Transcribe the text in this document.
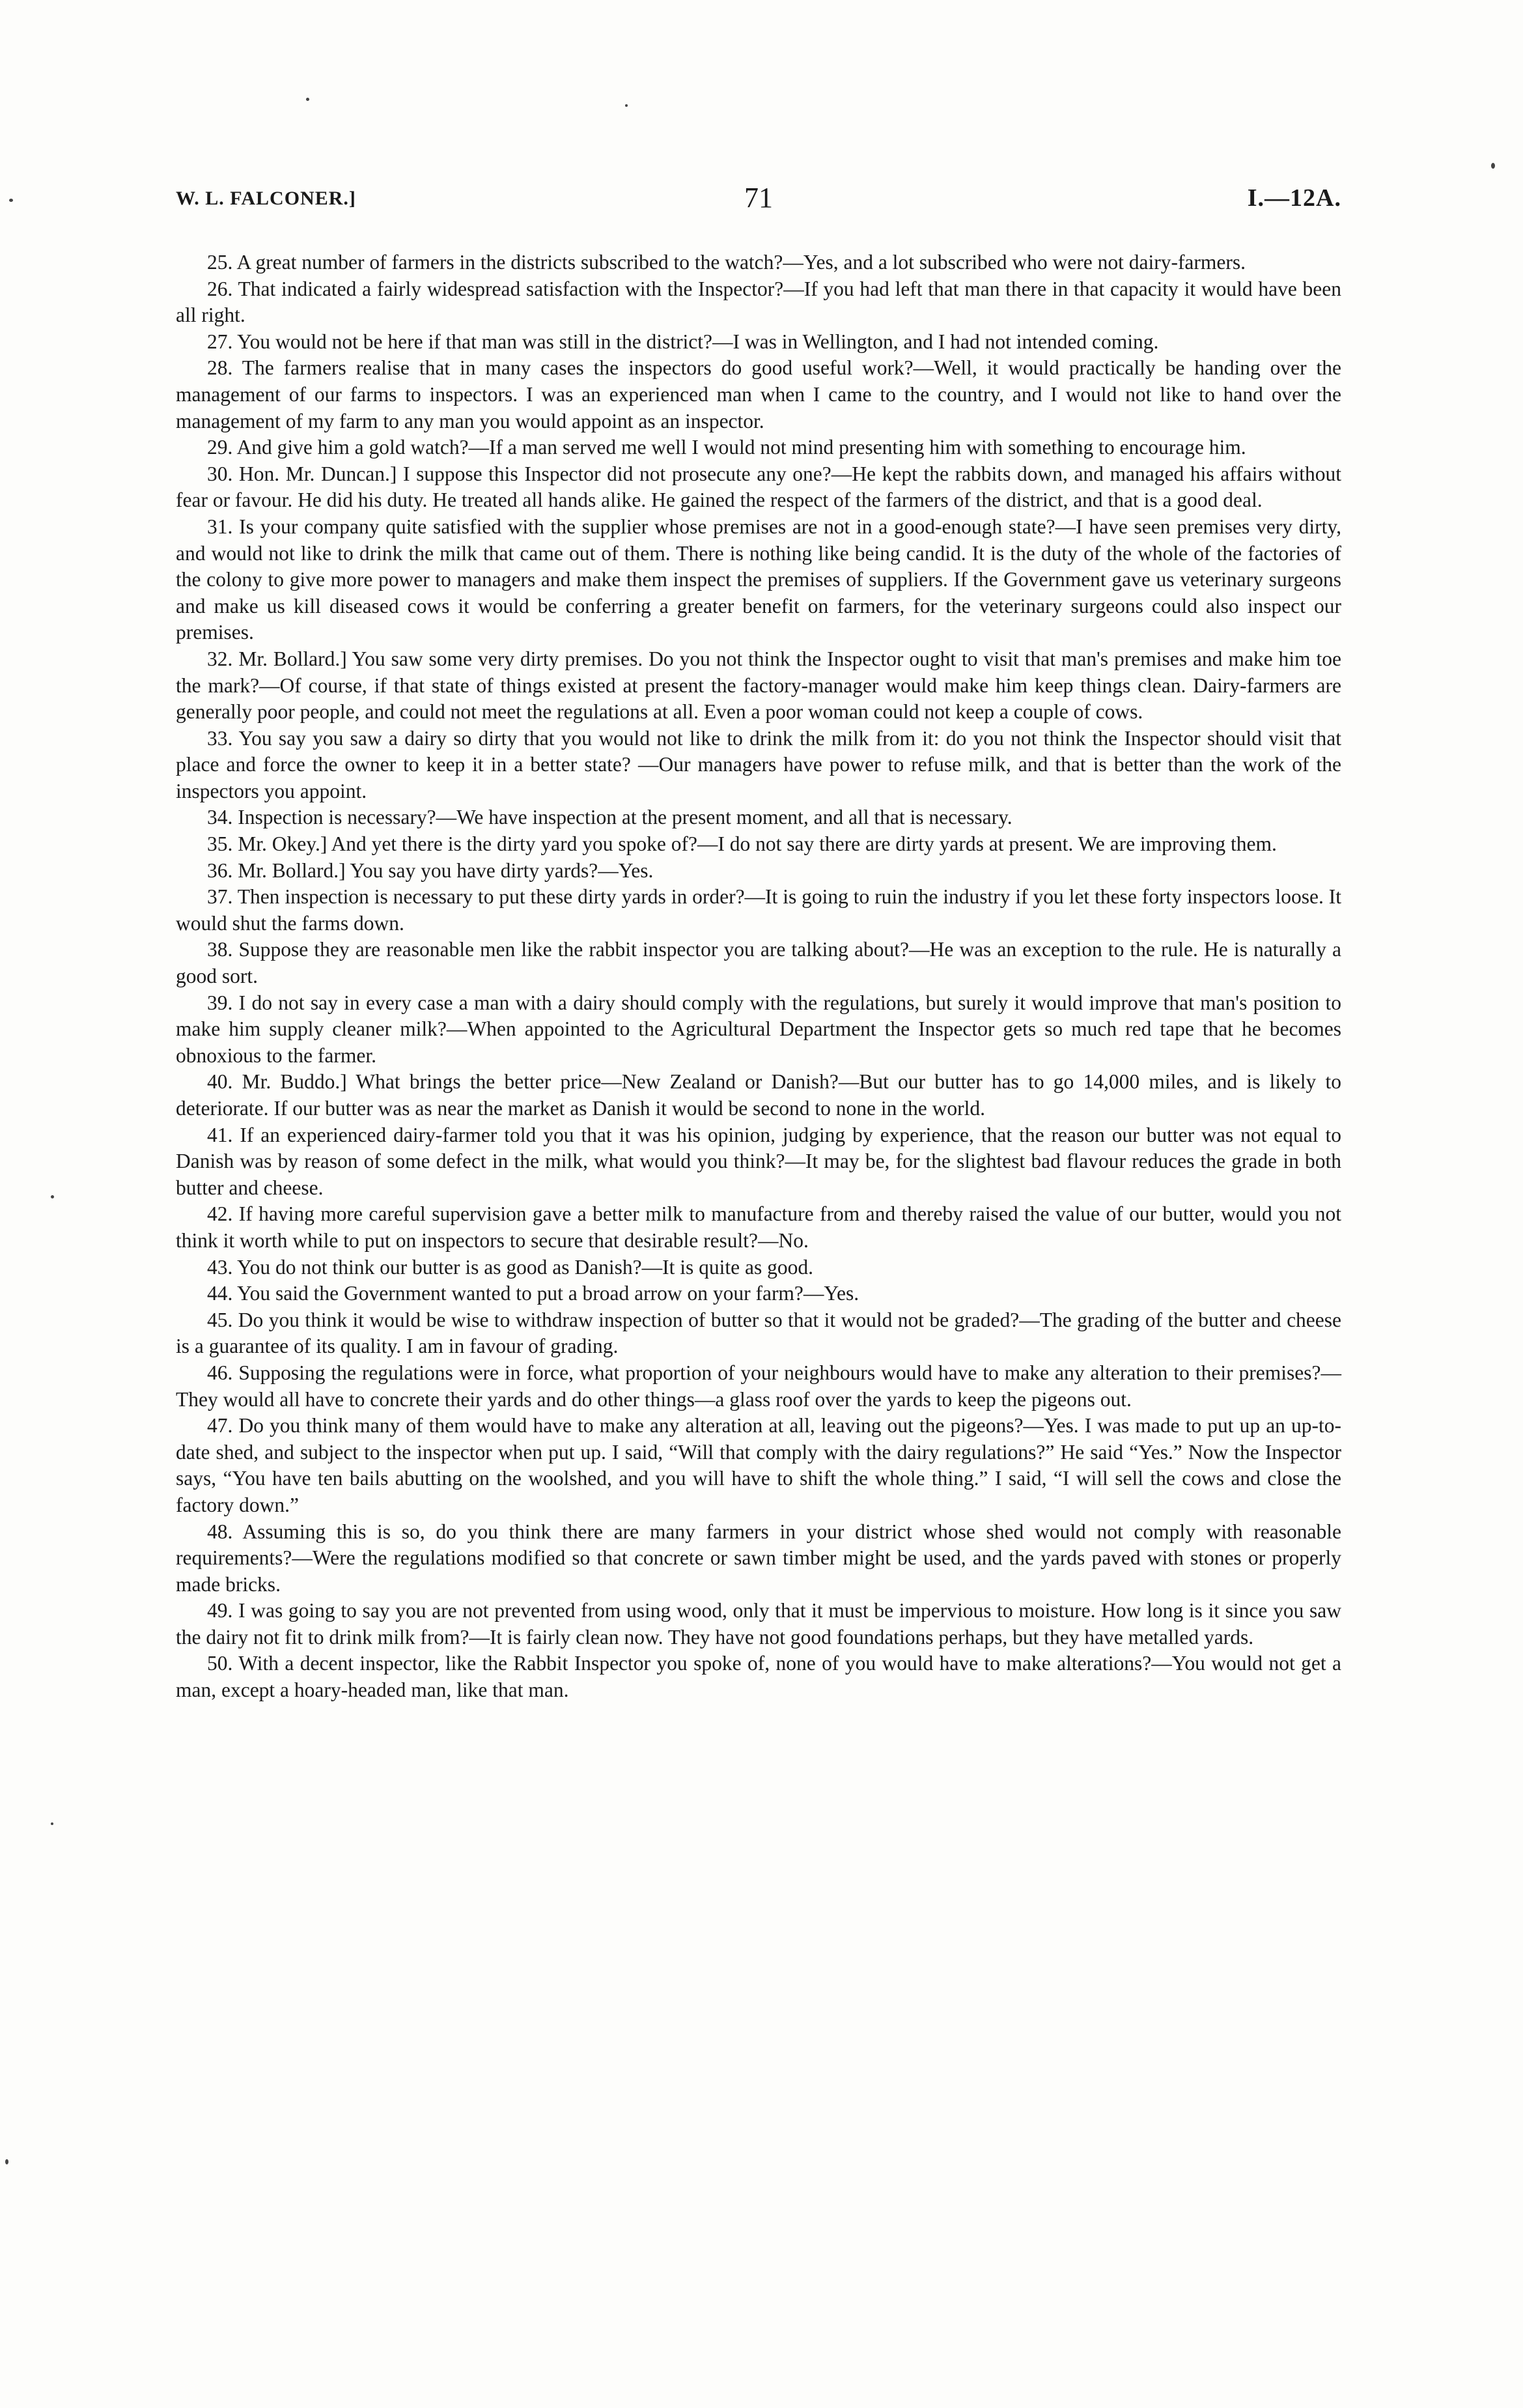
W. L. FALCONER.]	71	I.—12A.

25. A great number of farmers in the districts subscribed to the watch?—Yes, and a lot subscribed who were not dairy-farmers.

26. That indicated a fairly widespread satisfaction with the Inspector?—If you had left that man there in that capacity it would have been all right.

27. You would not be here if that man was still in the district?—I was in Wellington, and I had not intended coming.

28. The farmers realise that in many cases the inspectors do good useful work?—Well, it would practically be handing over the management of our farms to inspectors. I was an experienced man when I came to the country, and I would not like to hand over the management of my farm to any man you would appoint as an inspector.

29. And give him a gold watch?—If a man served me well I would not mind presenting him with something to encourage him.

30. Hon. Mr. Duncan.] I suppose this Inspector did not prosecute any one?—He kept the rabbits down, and managed his affairs without fear or favour. He did his duty. He treated all hands alike. He gained the respect of the farmers of the district, and that is a good deal.

31. Is your company quite satisfied with the supplier whose premises are not in a good-enough state?—I have seen premises very dirty, and would not like to drink the milk that came out of them. There is nothing like being candid. It is the duty of the whole of the factories of the colony to give more power to managers and make them inspect the premises of suppliers. If the Government gave us veterinary surgeons and make us kill diseased cows it would be conferring a greater benefit on farmers, for the veterinary surgeons could also inspect our premises.

32. Mr. Bollard.] You saw some very dirty premises. Do you not think the Inspector ought to visit that man's premises and make him toe the mark?—Of course, if that state of things existed at present the factory-manager would make him keep things clean. Dairy-farmers are generally poor people, and could not meet the regulations at all. Even a poor woman could not keep a couple of cows.

33. You say you saw a dairy so dirty that you would not like to drink the milk from it: do you not think the Inspector should visit that place and force the owner to keep it in a better state? —Our managers have power to refuse milk, and that is better than the work of the inspectors you appoint.

34. Inspection is necessary?—We have inspection at the present moment, and all that is necessary.

35. Mr. Okey.] And yet there is the dirty yard you spoke of?—I do not say there are dirty yards at present. We are improving them.

36. Mr. Bollard.] You say you have dirty yards?—Yes.

37. Then inspection is necessary to put these dirty yards in order?—It is going to ruin the industry if you let these forty inspectors loose. It would shut the farms down.

38. Suppose they are reasonable men like the rabbit inspector you are talking about?—He was an exception to the rule. He is naturally a good sort.

39. I do not say in every case a man with a dairy should comply with the regulations, but surely it would improve that man's position to make him supply cleaner milk?—When appointed to the Agricultural Department the Inspector gets so much red tape that he becomes obnoxious to the farmer.

40. Mr. Buddo.] What brings the better price—New Zealand or Danish?—But our butter has to go 14,000 miles, and is likely to deteriorate. If our butter was as near the market as Danish it would be second to none in the world.

41. If an experienced dairy-farmer told you that it was his opinion, judging by experience, that the reason our butter was not equal to Danish was by reason of some defect in the milk, what would you think?—It may be, for the slightest bad flavour reduces the grade in both butter and cheese.

42. If having more careful supervision gave a better milk to manufacture from and thereby raised the value of our butter, would you not think it worth while to put on inspectors to secure that desirable result?—No.

43. You do not think our butter is as good as Danish?—It is quite as good.

44. You said the Government wanted to put a broad arrow on your farm?—Yes.

45. Do you think it would be wise to withdraw inspection of butter so that it would not be graded?—The grading of the butter and cheese is a guarantee of its quality. I am in favour of grading.

46. Supposing the regulations were in force, what proportion of your neighbours would have to make any alteration to their premises?—They would all have to concrete their yards and do other things—a glass roof over the yards to keep the pigeons out.

47. Do you think many of them would have to make any alteration at all, leaving out the pigeons?—Yes. I was made to put up an up-to-date shed, and subject to the inspector when put up. I said, “Will that comply with the dairy regulations?” He said “Yes.” Now the Inspector says, “You have ten bails abutting on the woolshed, and you will have to shift the whole thing.” I said, “I will sell the cows and close the factory down.”

48. Assuming this is so, do you think there are many farmers in your district whose shed would not comply with reasonable requirements?—Were the regulations modified so that concrete or sawn timber might be used, and the yards paved with stones or properly made bricks.

49. I was going to say you are not prevented from using wood, only that it must be impervious to moisture. How long is it since you saw the dairy not fit to drink milk from?—It is fairly clean now. They have not good foundations perhaps, but they have metalled yards.

50. With a decent inspector, like the Rabbit Inspector you spoke of, none of you would have to make alterations?—You would not get a man, except a hoary-headed man, like that man.
